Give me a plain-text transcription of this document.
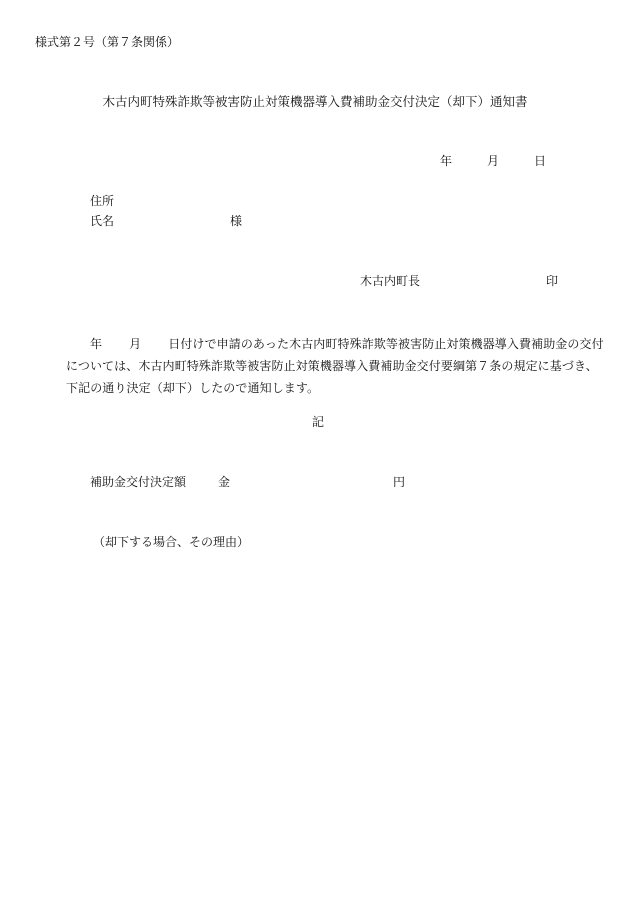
様式第２号（第７条関係）
木古内町特殊詐欺等被害防止対策機器導入費補助金交付決定（却下）通知書
年	月	日
住所
氏名	様
木古内町長	印
年 月 日付けで申請のあった木古内町特殊詐欺等被害防止対策機器導入費補助金の交付
については、木古内町特殊詐欺等被害防止対策機器導入費補助金交付要綱第７条の規定に基づき、
下記の通り決定（却下）したので通知します。
記
補助金交付決定額	金	円
（却下する場合、その理由）
